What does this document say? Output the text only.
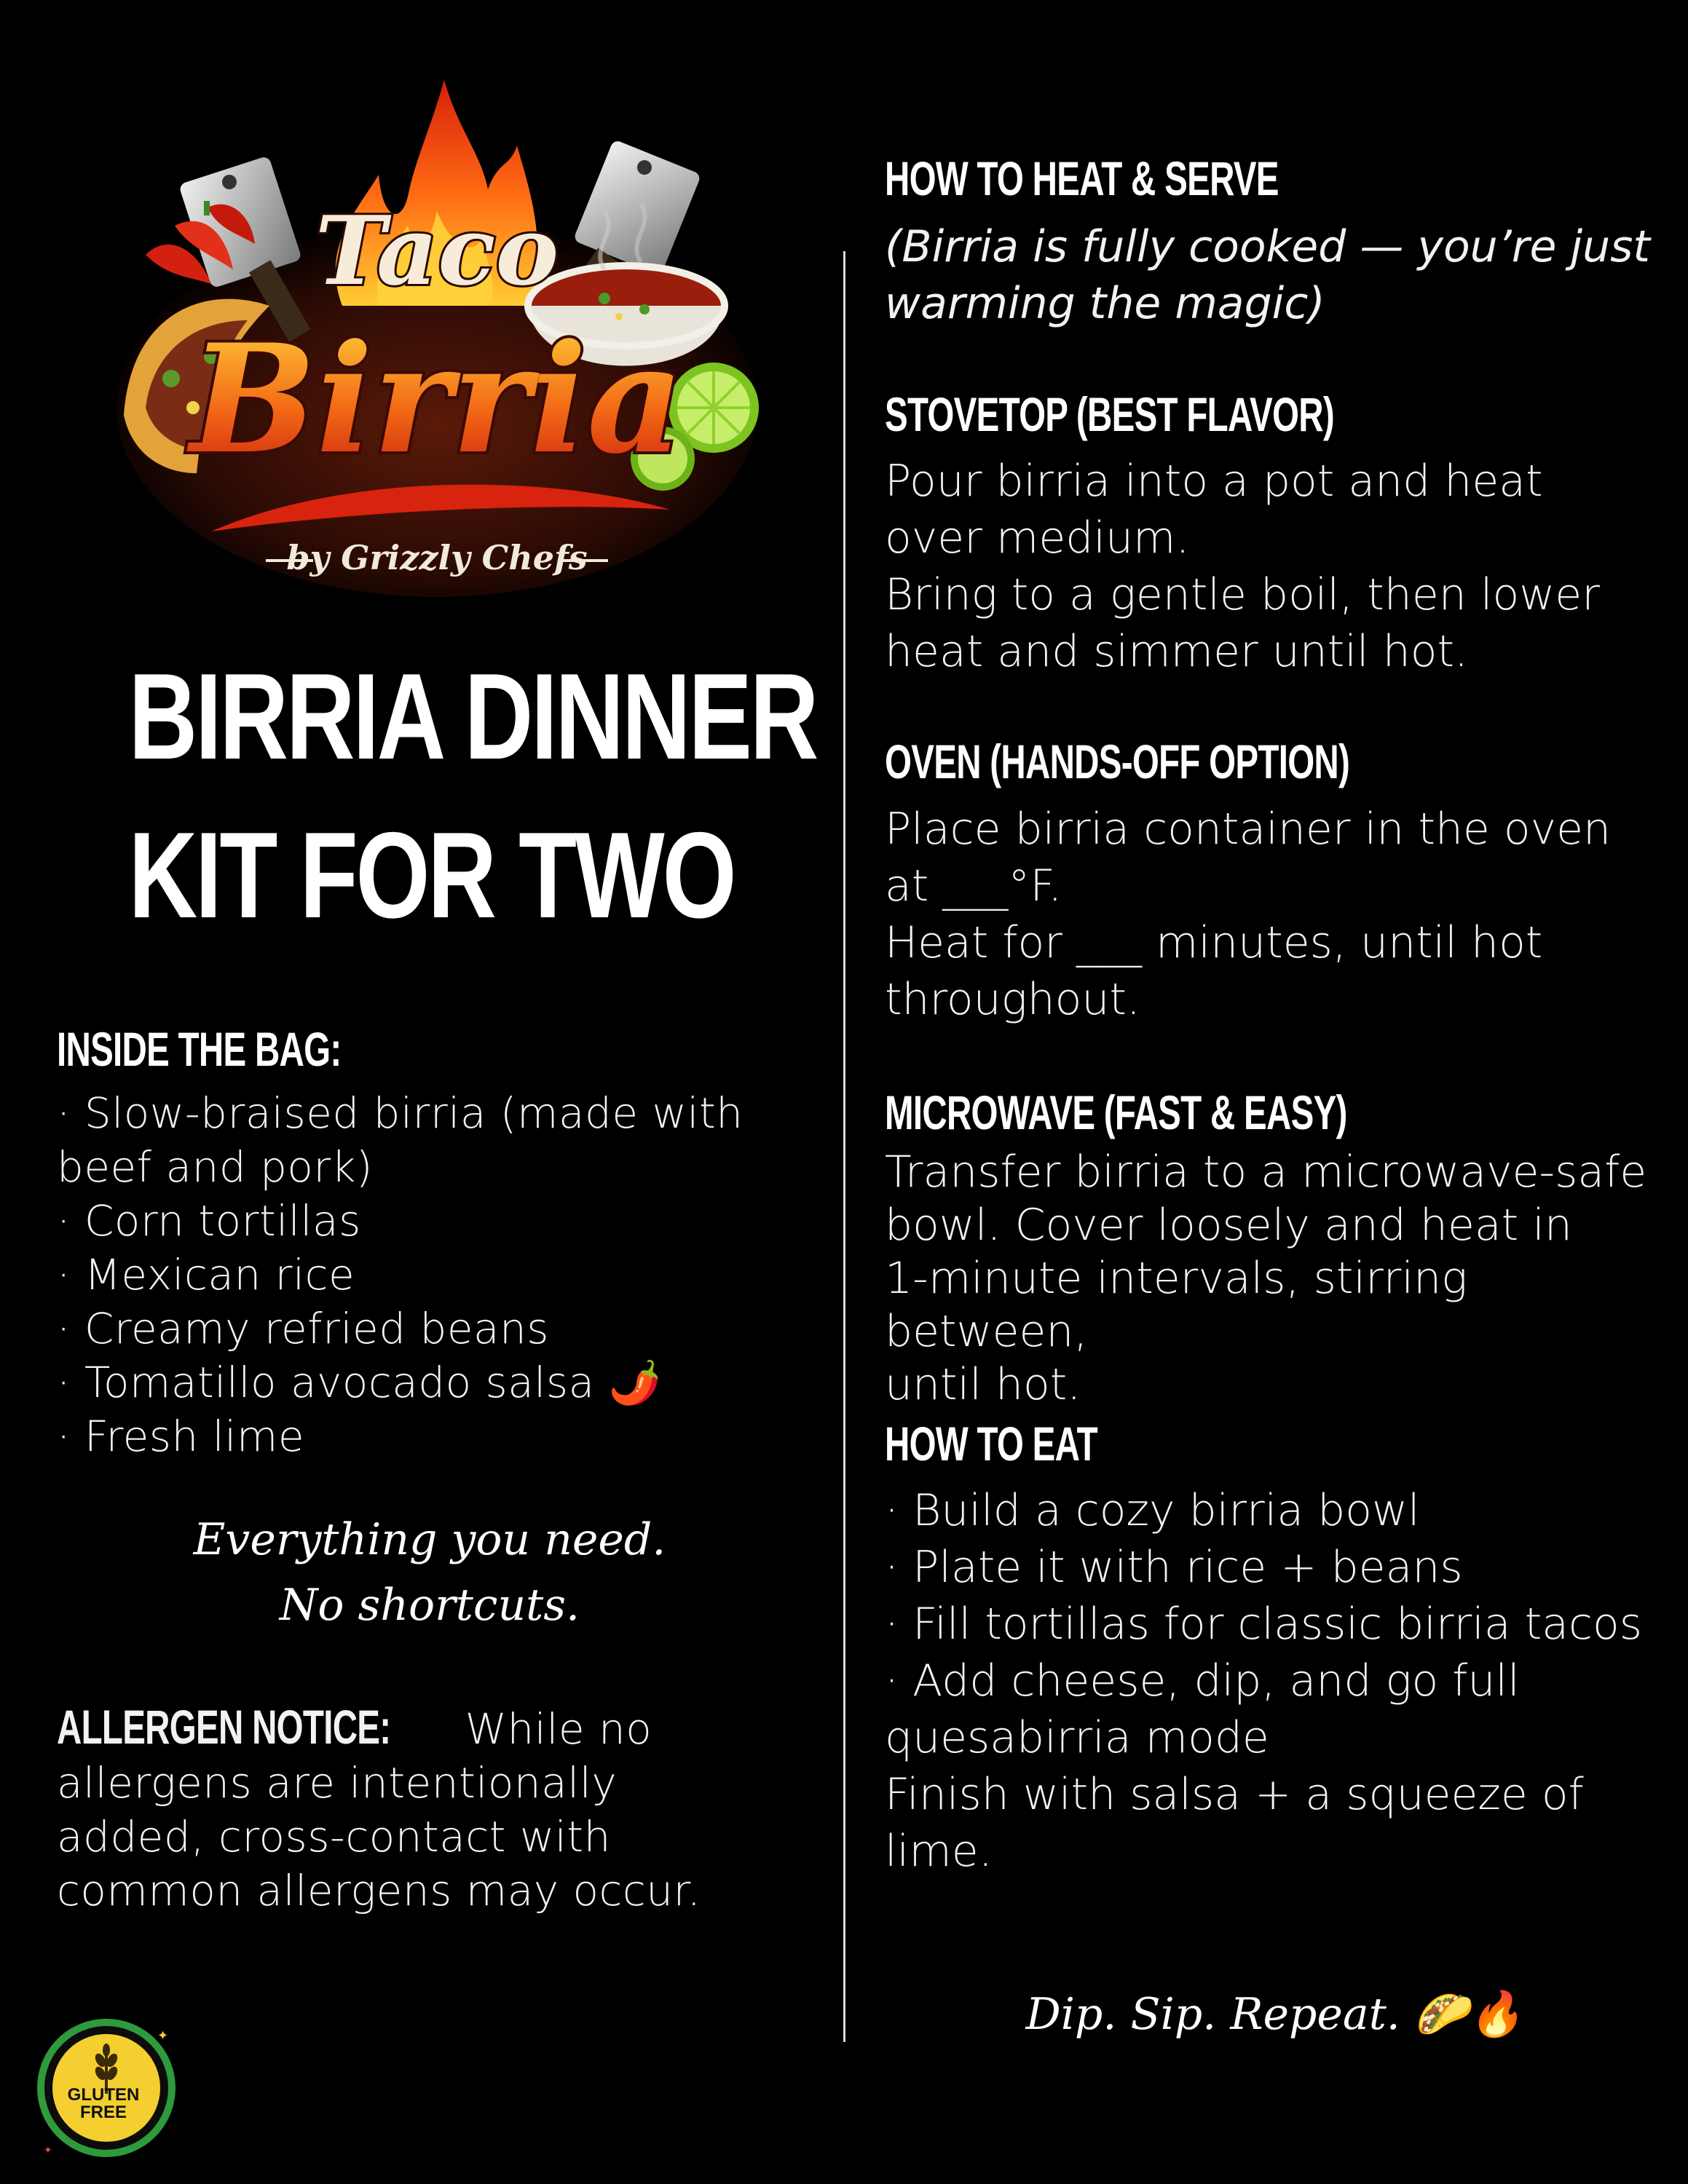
Taco
Birria
by Grizzly Chefs
BIRRIA DINNER
KIT FOR TWO
INSIDE THE BAG:
· Slow-braised birria (made with
beef and pork)
· Corn tortillas
· Mexican rice
· Creamy refried beans
· Tomatillo avocado salsa 🌶️
· Fresh lime
Everything you need.
No shortcuts.
ALLERGEN NOTICE: While no allergens are intentionally added, cross-contact with common allergens may occur.
✦
✦
GLUTEN
FREE
HOW TO HEAT & SERVE
(Birria is fully cooked — you’re just warming the magic)
STOVETOP (BEST FLAVOR)
Pour birria into a pot and heat
over medium.
Bring to a gentle boil, then lower
heat and simmer until hot.
OVEN (HANDS-OFF OPTION)
Place birria container in the oven
at ___°F.
Heat for ___ minutes, until hot
throughout.
MICROWAVE (FAST & EASY)
Transfer birria to a microwave-safe
bowl. Cover loosely and heat in
1-minute intervals, stirring between,
until hot.
HOW TO EAT
· Build a cozy birria bowl
· Plate it with rice + beans
· Fill tortillas for classic birria tacos
· Add cheese, dip, and go full
quesabirria mode
Finish with salsa + a squeeze of
lime.
Dip. Sip. Repeat. 🌮🔥
